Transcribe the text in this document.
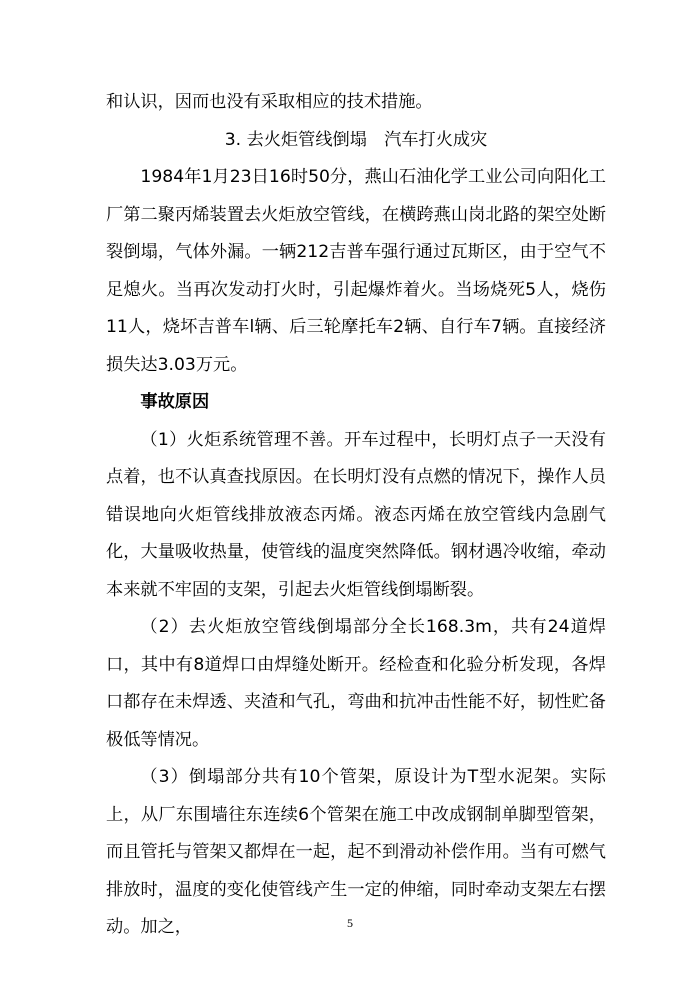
和认识，因而也没有采取相应的技术措施。

3. 去火炬管线倒塌 汽车打火成灾

1984年1月23日16时50分，燕山石油化学工业公司向阳化工厂第二聚丙烯装置去火炬放空管线，在横跨燕山岗北路的架空处断裂倒塌，气体外漏。一辆212吉普车强行通过瓦斯区，由于空气不足熄火。当再次发动打火时，引起爆炸着火。当场烧死5人，烧伤11人，烧坏吉普车l辆、后三轮摩托车2辆、自行车7辆。直接经济损失达3.03万元。

事故原因

（1）火炬系统管理不善。开车过程中，长明灯点子一天没有点着，也不认真查找原因。在长明灯没有点燃的情况下，操作人员错误地向火炬管线排放液态丙烯。液态丙烯在放空管线内急剧气化，大量吸收热量，使管线的温度突然降低。钢材遇冷收缩，牵动本来就不牢固的支架，引起去火炬管线倒塌断裂。

（2）去火炬放空管线倒塌部分全长168.3m，共有24道焊口，其中有8道焊口由焊缝处断开。经检查和化验分析发现，各焊口都存在未焊透、夹渣和气孔，弯曲和抗冲击性能不好，韧性贮备极低等情况。

（3）倒塌部分共有10个管架，原设计为T型水泥架。实际上，从厂东围墙往东连续6个管架在施工中改成钢制单脚型管架，而且管托与管架又都焊在一起，起不到滑动补偿作用。当有可燃气排放时，温度的变化使管线产生一定的伸缩，同时牵动支架左右摆动。加之，	5
